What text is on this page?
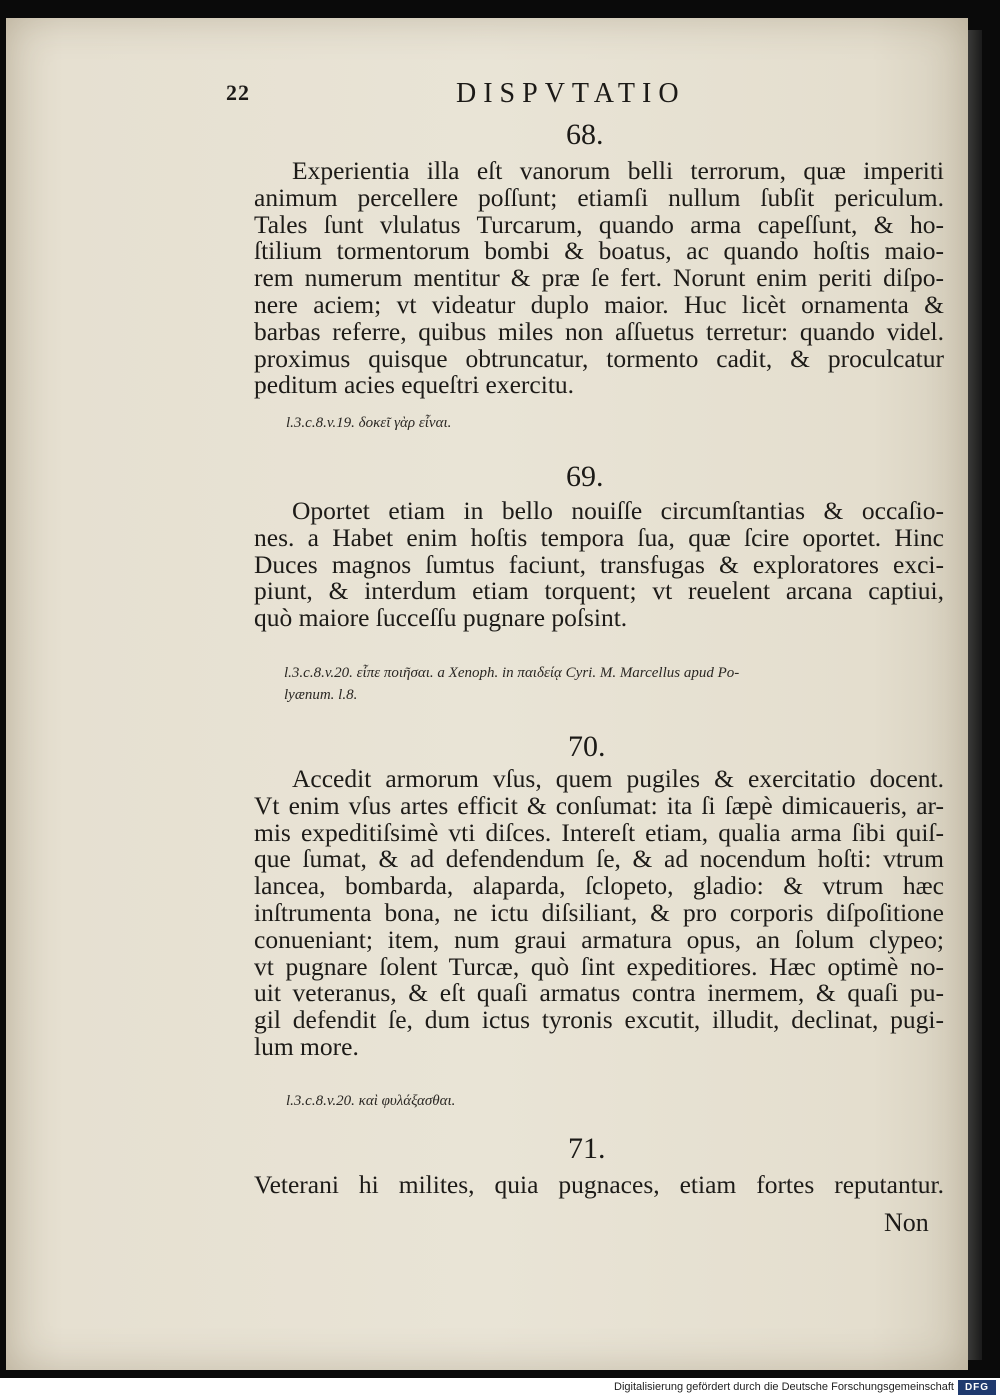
22	DISPVTATIO
68.
Experientia illa eſt vanorum belli terrorum, quæ imperiti
animum percellere poſſunt; etiamſi nullum ſubſit periculum.
Tales ſunt vlulatus Turcarum, quando arma capeſſunt, & ho-
ſtilium tormentorum bombi & boatus, ac quando hoſtis maio-
rem numerum mentitur & præ ſe fert. Norunt enim periti diſpo-
nere aciem; vt videatur duplo maior. Huc licèt ornamenta &
barbas referre, quibus miles non aſſuetus terretur: quando videl.
proximus quisque obtruncatur, tormento cadit, & proculcatur
peditum acies equeſtri exercitu.
l.3.c.8.v.19. δοκεῖ γὰρ εἶναι.
69.
Oportet etiam in bello nouiſſe circumſtantias & occaſio-
nes. a Habet enim hoſtis tempora ſua, quæ ſcire oportet. Hinc
Duces magnos ſumtus faciunt, transfugas & exploratores exci-
piunt, & interdum etiam torquent; vt reuelent arcana captiui,
quò maiore ſucceſſu pugnare poſsint.
l.3.c.8.v.20. εἶπε ποιῆσαι. a Xenoph. in παιδείᾳ Cyri. M. Marcellus apud Po-
lyænum. l.8.
70.
Accedit armorum vſus, quem pugiles & exercitatio docent.
Vt enim vſus artes efficit & conſumat: ita ſi ſæpè dimicaueris, ar-
mis expeditiſsimè vti diſces. Intereſt etiam, qualia arma ſibi quiſ-
que ſumat, & ad defendendum ſe, & ad nocendum hoſti: vtrum
lancea, bombarda, alaparda, ſclopeto, gladio: & vtrum hæc
inſtrumenta bona, ne ictu diſsiliant, & pro corporis diſpoſitione
conueniant; item, num graui armatura opus, an ſolum clypeo;
vt pugnare ſolent Turcæ, quò ſint expeditiores. Hæc optimè no-
uit veteranus, & eſt quaſi armatus contra inermem, & quaſi pu-
gil defendit ſe, dum ictus tyronis excutit, illudit, declinat, pugi-
lum more.
l.3.c.8.v.20. καὶ φυλάξασθαι.
71.
Veterani hi milites, quia pugnaces, etiam fortes reputantur.
Non
Digitalisierung gefördert durch die Deutsche Forschungsgemeinschaft	DFG
